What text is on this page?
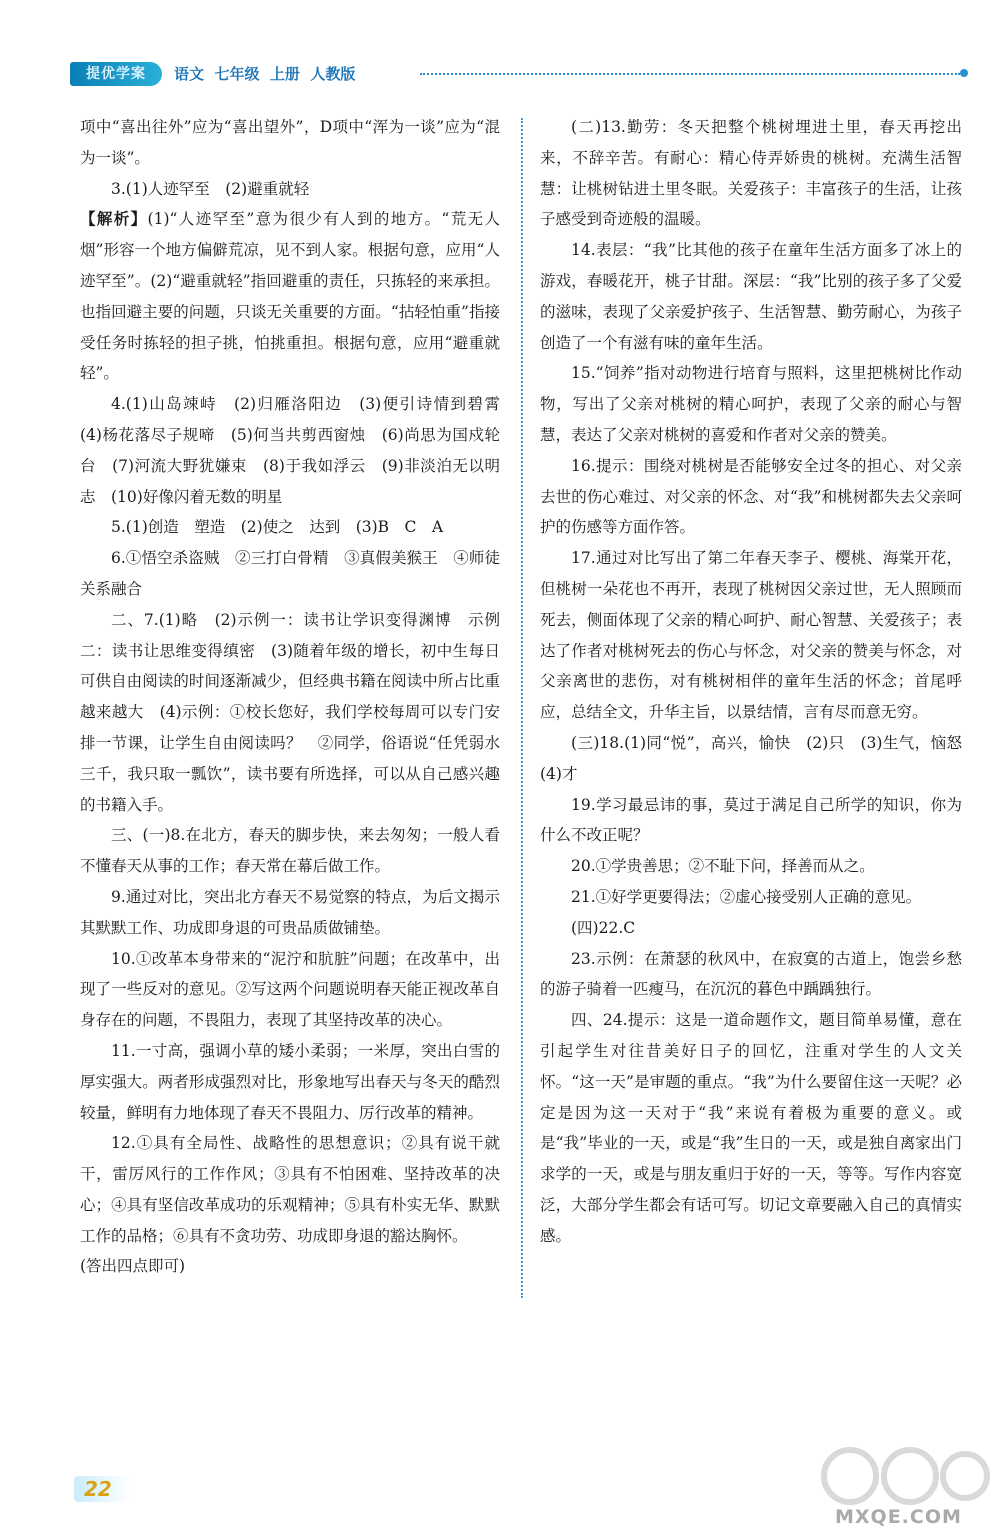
提优学案	语文  七年级  上册  人教版

项中“喜出往外”应为“喜出望外”，D项中“浑为一谈”应为“混为一谈”。

3.(1)人迹罕至　(2)避重就轻

【解析】(1)“人迹罕至”意为很少有人到的地方。“荒无人烟”形容一个地方偏僻荒凉，见不到人家。根据句意，应用“人迹罕至”。(2)“避重就轻”指回避重的责任，只拣轻的来承担。也指回避主要的问题，只谈无关重要的方面。“拈轻怕重”指接受任务时拣轻的担子挑，怕挑重担。根据句意，应用“避重就轻”。

4.(1)山岛竦峙　(2)归雁洛阳边　(3)便引诗情到碧霄　(4)杨花落尽子规啼　(5)何当共剪西窗烛　(6)尚思为国戍轮台　(7)河流大野犹嫌束　(8)于我如浮云　(9)非淡泊无以明志　(10)好像闪着无数的明星

5.(1)创造　塑造　(2)使之　达到　(3)B　C　A

6.①悟空杀盗贼　②三打白骨精　③真假美猴王　④师徒关系融合

二、7.(1)略　(2)示例一：读书让学识变得渊博　示例二：读书让思维变得缜密　(3)随着年级的增长，初中生每日可供自由阅读的时间逐渐减少，但经典书籍在阅读中所占比重越来越大　(4)示例：①校长您好，我们学校每周可以专门安排一节课，让学生自由阅读吗？　②同学，俗语说“任凭弱水三千，我只取一瓢饮”，读书要有所选择，可以从自己感兴趣的书籍入手。

三、(一)8.在北方，春天的脚步快，来去匆匆；一般人看不懂春天从事的工作；春天常在幕后做工作。

9.通过对比，突出北方春天不易觉察的特点，为后文揭示其默默工作、功成即身退的可贵品质做铺垫。

10.①改革本身带来的“泥泞和肮脏”问题；在改革中，出现了一些反对的意见。②写这两个问题说明春天能正视改革自身存在的问题，不畏阻力，表现了其坚持改革的决心。

11.一寸高，强调小草的矮小柔弱；一米厚，突出白雪的厚实强大。两者形成强烈对比，形象地写出春天与冬天的酷烈较量，鲜明有力地体现了春天不畏阻力、厉行改革的精神。

12.①具有全局性、战略性的思想意识；②具有说干就干，雷厉风行的工作作风；③具有不怕困难、坚持改革的决心；④具有坚信改革成功的乐观精神；⑤具有朴实无华、默默工作的品格；⑥具有不贪功劳、功成即身退的豁达胸怀。

(答出四点即可)

(二)13.勤劳：冬天把整个桃树埋进土里，春天再挖出来，不辞辛苦。有耐心：精心侍弄娇贵的桃树。充满生活智慧：让桃树钻进土里冬眠。关爱孩子：丰富孩子的生活，让孩子感受到奇迹般的温暖。

14.表层：“我”比其他的孩子在童年生活方面多了冰上的游戏，春暖花开，桃子甘甜。深层：“我”比别的孩子多了父爱的滋味，表现了父亲爱护孩子、生活智慧、勤劳耐心，为孩子创造了一个有滋有味的童年生活。

15.“饲养”指对动物进行培育与照料，这里把桃树比作动物，写出了父亲对桃树的精心呵护，表现了父亲的耐心与智慧，表达了父亲对桃树的喜爱和作者对父亲的赞美。

16.提示：围绕对桃树是否能够安全过冬的担心、对父亲去世的伤心难过、对父亲的怀念、对“我”和桃树都失去父亲呵护的伤感等方面作答。

17.通过对比写出了第二年春天李子、樱桃、海棠开花，但桃树一朵花也不再开，表现了桃树因父亲过世，无人照顾而死去，侧面体现了父亲的精心呵护、耐心智慧、关爱孩子；表达了作者对桃树死去的伤心与怀念，对父亲的赞美与怀念，对父亲离世的悲伤，对有桃树相伴的童年生活的怀念；首尾呼应，总结全文，升华主旨，以景结情，言有尽而意无穷。

(三)18.(1)同“悦”，高兴，愉快　(2)只　(3)生气，恼怒　(4)才

19.学习最忌讳的事，莫过于满足自己所学的知识，你为什么不改正呢？

20.①学贵善思；②不耻下问，择善而从之。

21.①好学更要得法；②虚心接受别人正确的意见。

(四)22.C

23.示例：在萧瑟的秋风中，在寂寞的古道上，饱尝乡愁的游子骑着一匹瘦马，在沉沉的暮色中踽踽独行。

四、24.提示：这是一道命题作文，题目简单易懂，意在引起学生对往昔美好日子的回忆，注重对学生的人文关怀。“这一天”是审题的重点。“我”为什么要留住这一天呢？必定是因为这一天对于“我”来说有着极为重要的意义。或是“我”毕业的一天，或是“我”生日的一天，或是独自离家出门求学的一天，或是与朋友重归于好的一天，等等。写作内容宽泛，大部分学生都会有话可写。切记文章要融入自己的真情实感。

22
MXQE.COM
